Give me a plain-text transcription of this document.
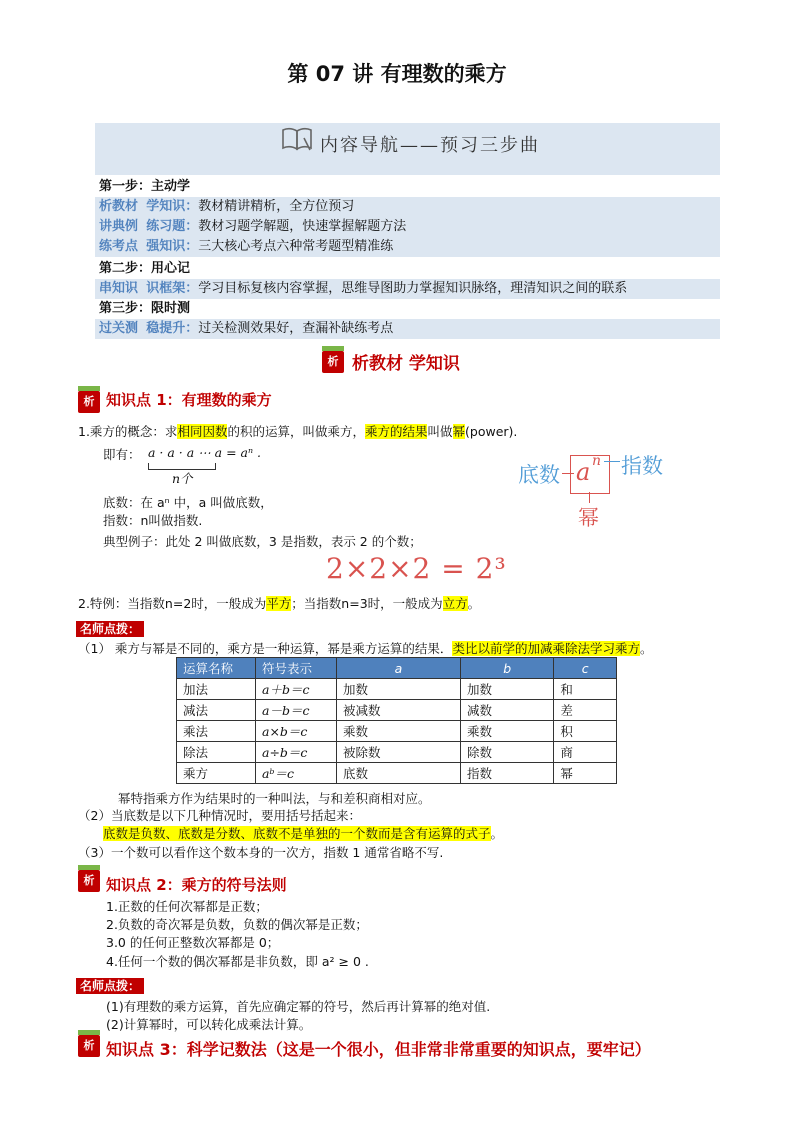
第 07 讲 有理数的乘方
内容导航——预习三步曲
第一步：主动学
析教材 学知识：教材精讲精析，全方位预习
讲典例 练习题：教材习题学解题，快速掌握解题方法
练考点 强知识：三大核心考点六种常考题型精准练
第二步：用心记
串知识 识框架：学习目标复核内容掌握，思维导图助力掌握知识脉络，理清知识之间的联系
第三步：限时测
过关测 稳提升：过关检测效果好，查漏补缺练考点
析 析教材 学知识
析 知识点 1：有理数的乘方
1.乘方的概念：求相同因数的积的运算，叫做乘方，乘方的结果叫做幂(power).
即有： a · a · a ⋯ a = aⁿ .
n个
底数：在 aⁿ 中，a 叫做底数，
指数：n叫做指数.
典型例子：此处 2 叫做底数，3 是指数，表示 2 的个数；
2×2×2 = 2³
底数 a n 指数
幂
2.特例：当指数n=2时，一般成为平方；当指数n=3时，一般成为立方。
名师点拨：
（1） 乘方与幂是不同的，乘方是一种运算，幂是乘方运算的结果．类比以前学的加减乘除法学习乘方。
运算名称	符号表示	a	b	c
加法	a＋b＝c	加数	加数	和
减法	a－b＝c	被减数	减数	差
乘法	a×b＝c	乘数	乘数	积
除法	a÷b＝c	被除数	除数	商
乘方	aᵇ＝c	底数	指数	幂
幂特指乘方作为结果时的一种叫法，与和差积商相对应。
（2）当底数是以下几种情况时，要用括号括起来：
底数是负数、底数是分数、底数不是单独的一个数而是含有运算的式子。
（3）一个数可以看作这个数本身的一次方，指数 1 通常省略不写.
析 知识点 2：乘方的符号法则
1.正数的任何次幂都是正数；
2.负数的奇次幂是负数，负数的偶次幂是正数；
3.0 的任何正整数次幂都是 0；
4.任何一个数的偶次幂都是非负数，即 a² ≥ 0 .
名师点拨：
(1)有理数的乘方运算，首先应确定幂的符号，然后再计算幂的绝对值.
(2)计算幂时，可以转化成乘法计算。
析 知识点 3：科学记数法（这是一个很小，但非常非常重要的知识点，要牢记）
